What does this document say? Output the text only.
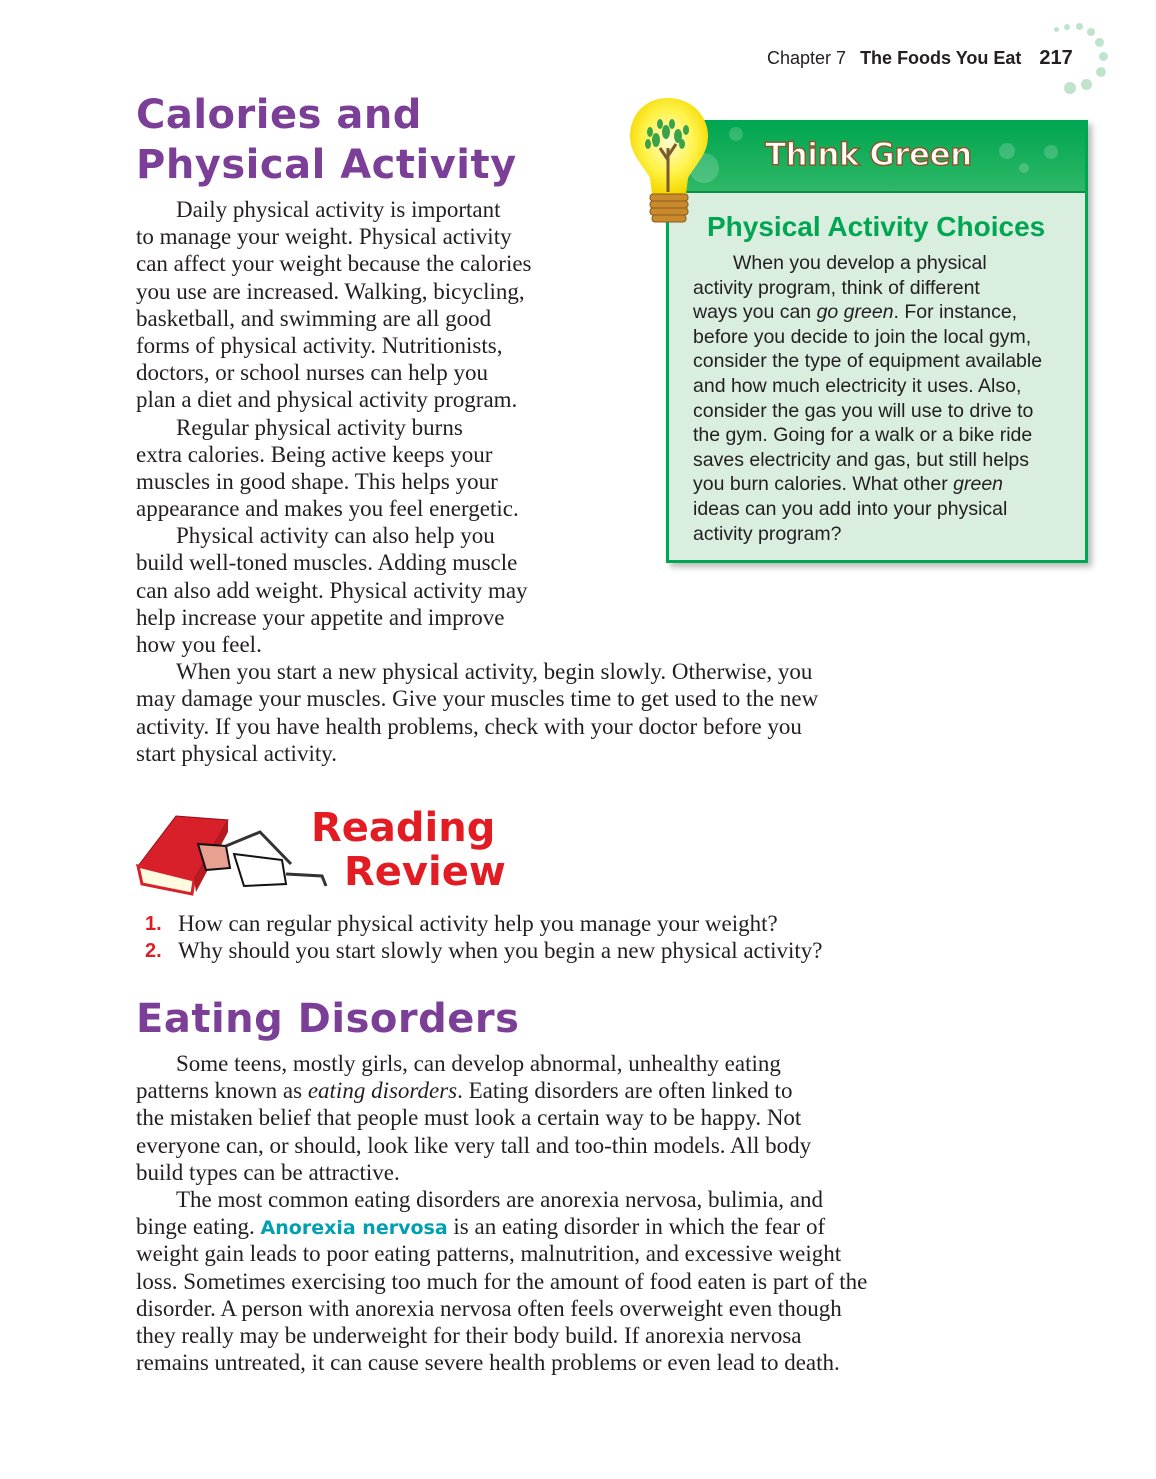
Chapter 7 The Foods You Eat 217
Calories and
Physical Activity
Daily physical activity is important
to manage your weight. Physical activity
can affect your weight because the calories
you use are increased. Walking, bicycling,
basketball, and swimming are all good
forms of physical activity. Nutritionists,
doctors, or school nurses can help you
plan a diet and physical activity program.
Regular physical activity burns
extra calories. Being active keeps your
muscles in good shape. This helps your
appearance and makes you feel energetic.
Physical activity can also help you
build well-toned muscles. Adding muscle
can also add weight. Physical activity may
help increase your appetite and improve
how you feel.
When you start a new physical activity, begin slowly. Otherwise, you
may damage your muscles. Give your muscles time to get used to the new
activity. If you have health problems, check with your doctor before you
start physical activity.
Think Green
Physical Activity Choices
When you develop a physical
activity program, think of different
ways you can go green. For instance,
before you decide to join the local gym,
consider the type of equipment available
and how much electricity it uses. Also,
consider the gas you will use to drive to
the gym. Going for a walk or a bike ride
saves electricity and gas, but still helps
you burn calories. What other green
ideas can you add into your physical
activity program?
Reading
Review
1. How can regular physical activity help you manage your weight?
2. Why should you start slowly when you begin a new physical activity?
Eating Disorders
Some teens, mostly girls, can develop abnormal, unhealthy eating
patterns known as eating disorders. Eating disorders are often linked to
the mistaken belief that people must look a certain way to be happy. Not
everyone can, or should, look like very tall and too-thin models. All body
build types can be attractive.
The most common eating disorders are anorexia nervosa, bulimia, and
binge eating. Anorexia nervosa is an eating disorder in which the fear of
weight gain leads to poor eating patterns, malnutrition, and excessive weight
loss. Sometimes exercising too much for the amount of food eaten is part of the
disorder. A person with anorexia nervosa often feels overweight even though
they really may be underweight for their body build. If anorexia nervosa
remains untreated, it can cause severe health problems or even lead to death.
